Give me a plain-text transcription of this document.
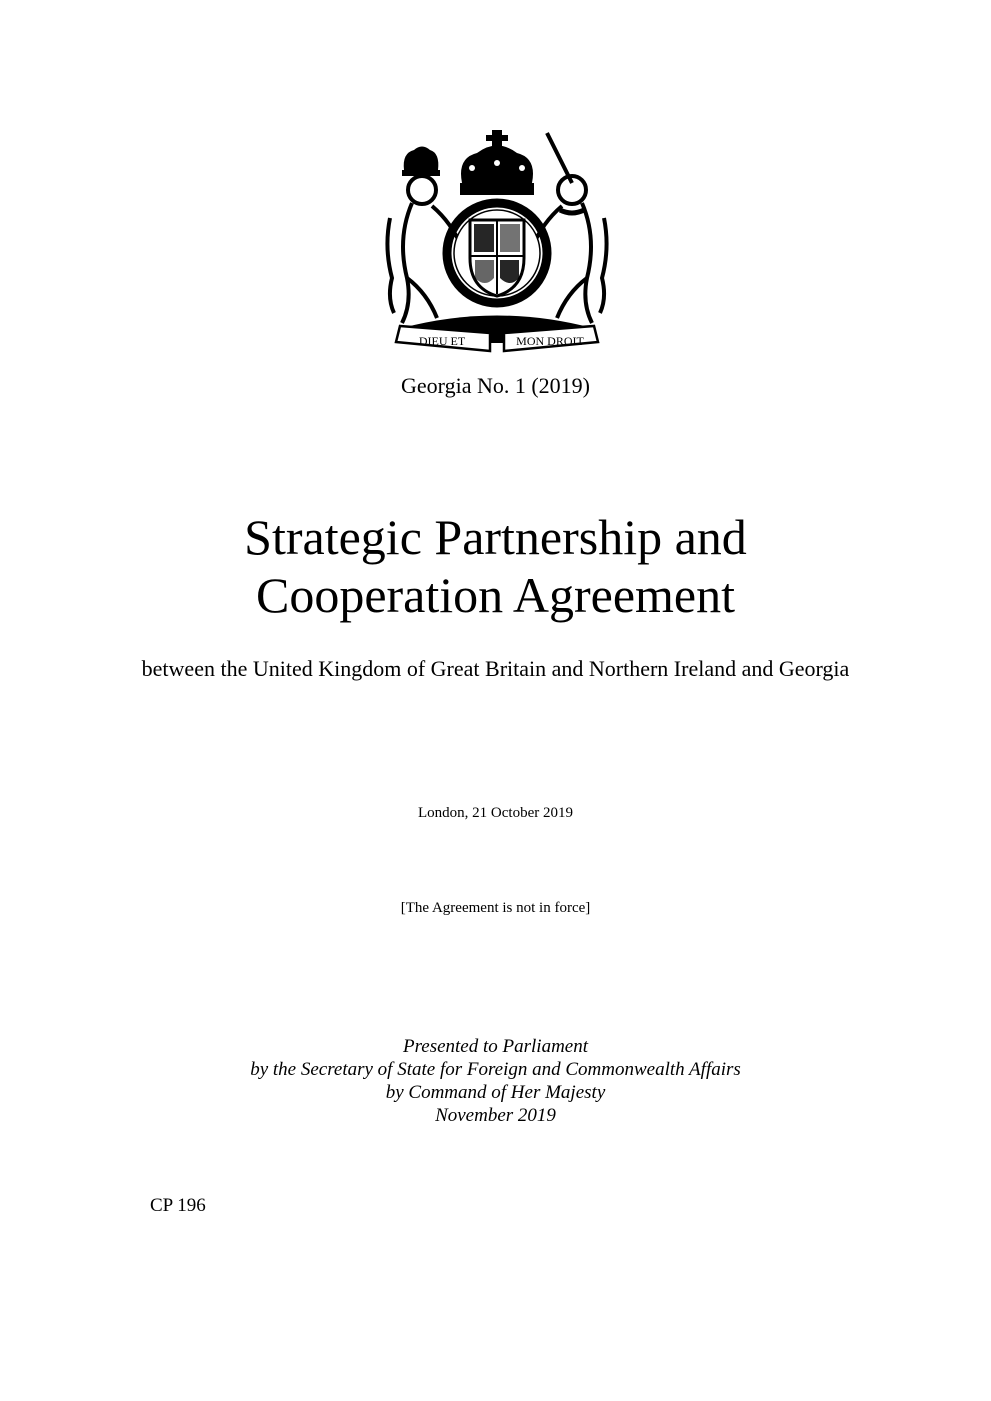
DIEU ET	MON DROIT
Georgia No. 1 (2019)
Strategic Partnership and
Cooperation Agreement
between the United Kingdom of Great Britain and Northern Ireland and Georgia
London, 21 October 2019
[The Agreement is not in force]
Presented to Parliament
by the Secretary of State for Foreign and Commonwealth Affairs
by Command of Her Majesty
November 2019
CP 196
